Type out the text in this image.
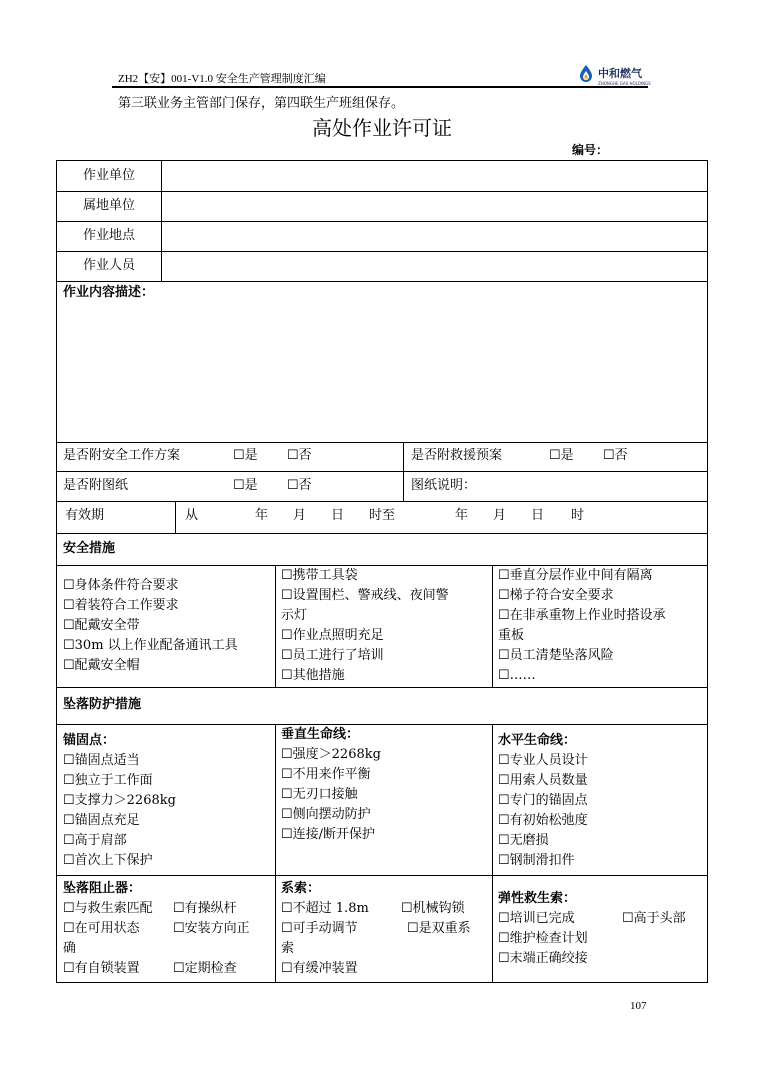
ZH2【安】001-V1.0 安全生产管理制度汇编	中和燃气
ZHONGHE GAS HOLDINGS
第三联业务主管部门保存，第四联生产班组保存。
高处作业许可证
编号：
作业单位
属地单位
作业地点
作业人员
作业内容描述：
是否附安全工作方案	☐是 ☐否	是否附救援预案	☐是 ☐否
是否附图纸	☐是 ☐否	图纸说明：
有效期	从	年 月 日 时至	年 月 日 时
安全措施
☐身体条件符合要求
☐着装符合工作要求
☐配戴安全带
☐30m 以上作业配备通讯工具
☐配戴安全帽
☐携带工具袋
☐设置围栏、警戒线、夜间警
示灯
☐作业点照明充足
☐员工进行了培训
☐其他措施
☐垂直分层作业中间有隔离
☐梯子符合安全要求
☐在非承重物上作业时搭设承
重板
☐员工清楚坠落风险
☐……
坠落防护措施
锚固点：
☐锚固点适当
☐独立于工作面
☐支撑力＞2268kg
☐锚固点充足
☐高于肩部
☐首次上下保护
垂直生命线：
☐强度＞2268kg
☐不用来作平衡
☐无刃口接触
☐侧向摆动防护
☐连接/断开保护
水平生命线：
☐专业人员设计
☐用索人员数量
☐专门的锚固点
☐有初始松弛度
☐无磨损
☐钢制滑扣件
坠落阻止器：
☐与救生索匹配 ☐有操纵杆
☐在可用状态	☐安装方向正
确
☐有自锁装置	☐定期检查
系索：
☐不超过 1.8m ☐机械钩锁
☐可手动调节	☐是双重系
索
☐有缓冲装置
弹性救生索：
☐培训已完成	☐高于头部
☐维护检查计划
☐末端正确绞接
107
